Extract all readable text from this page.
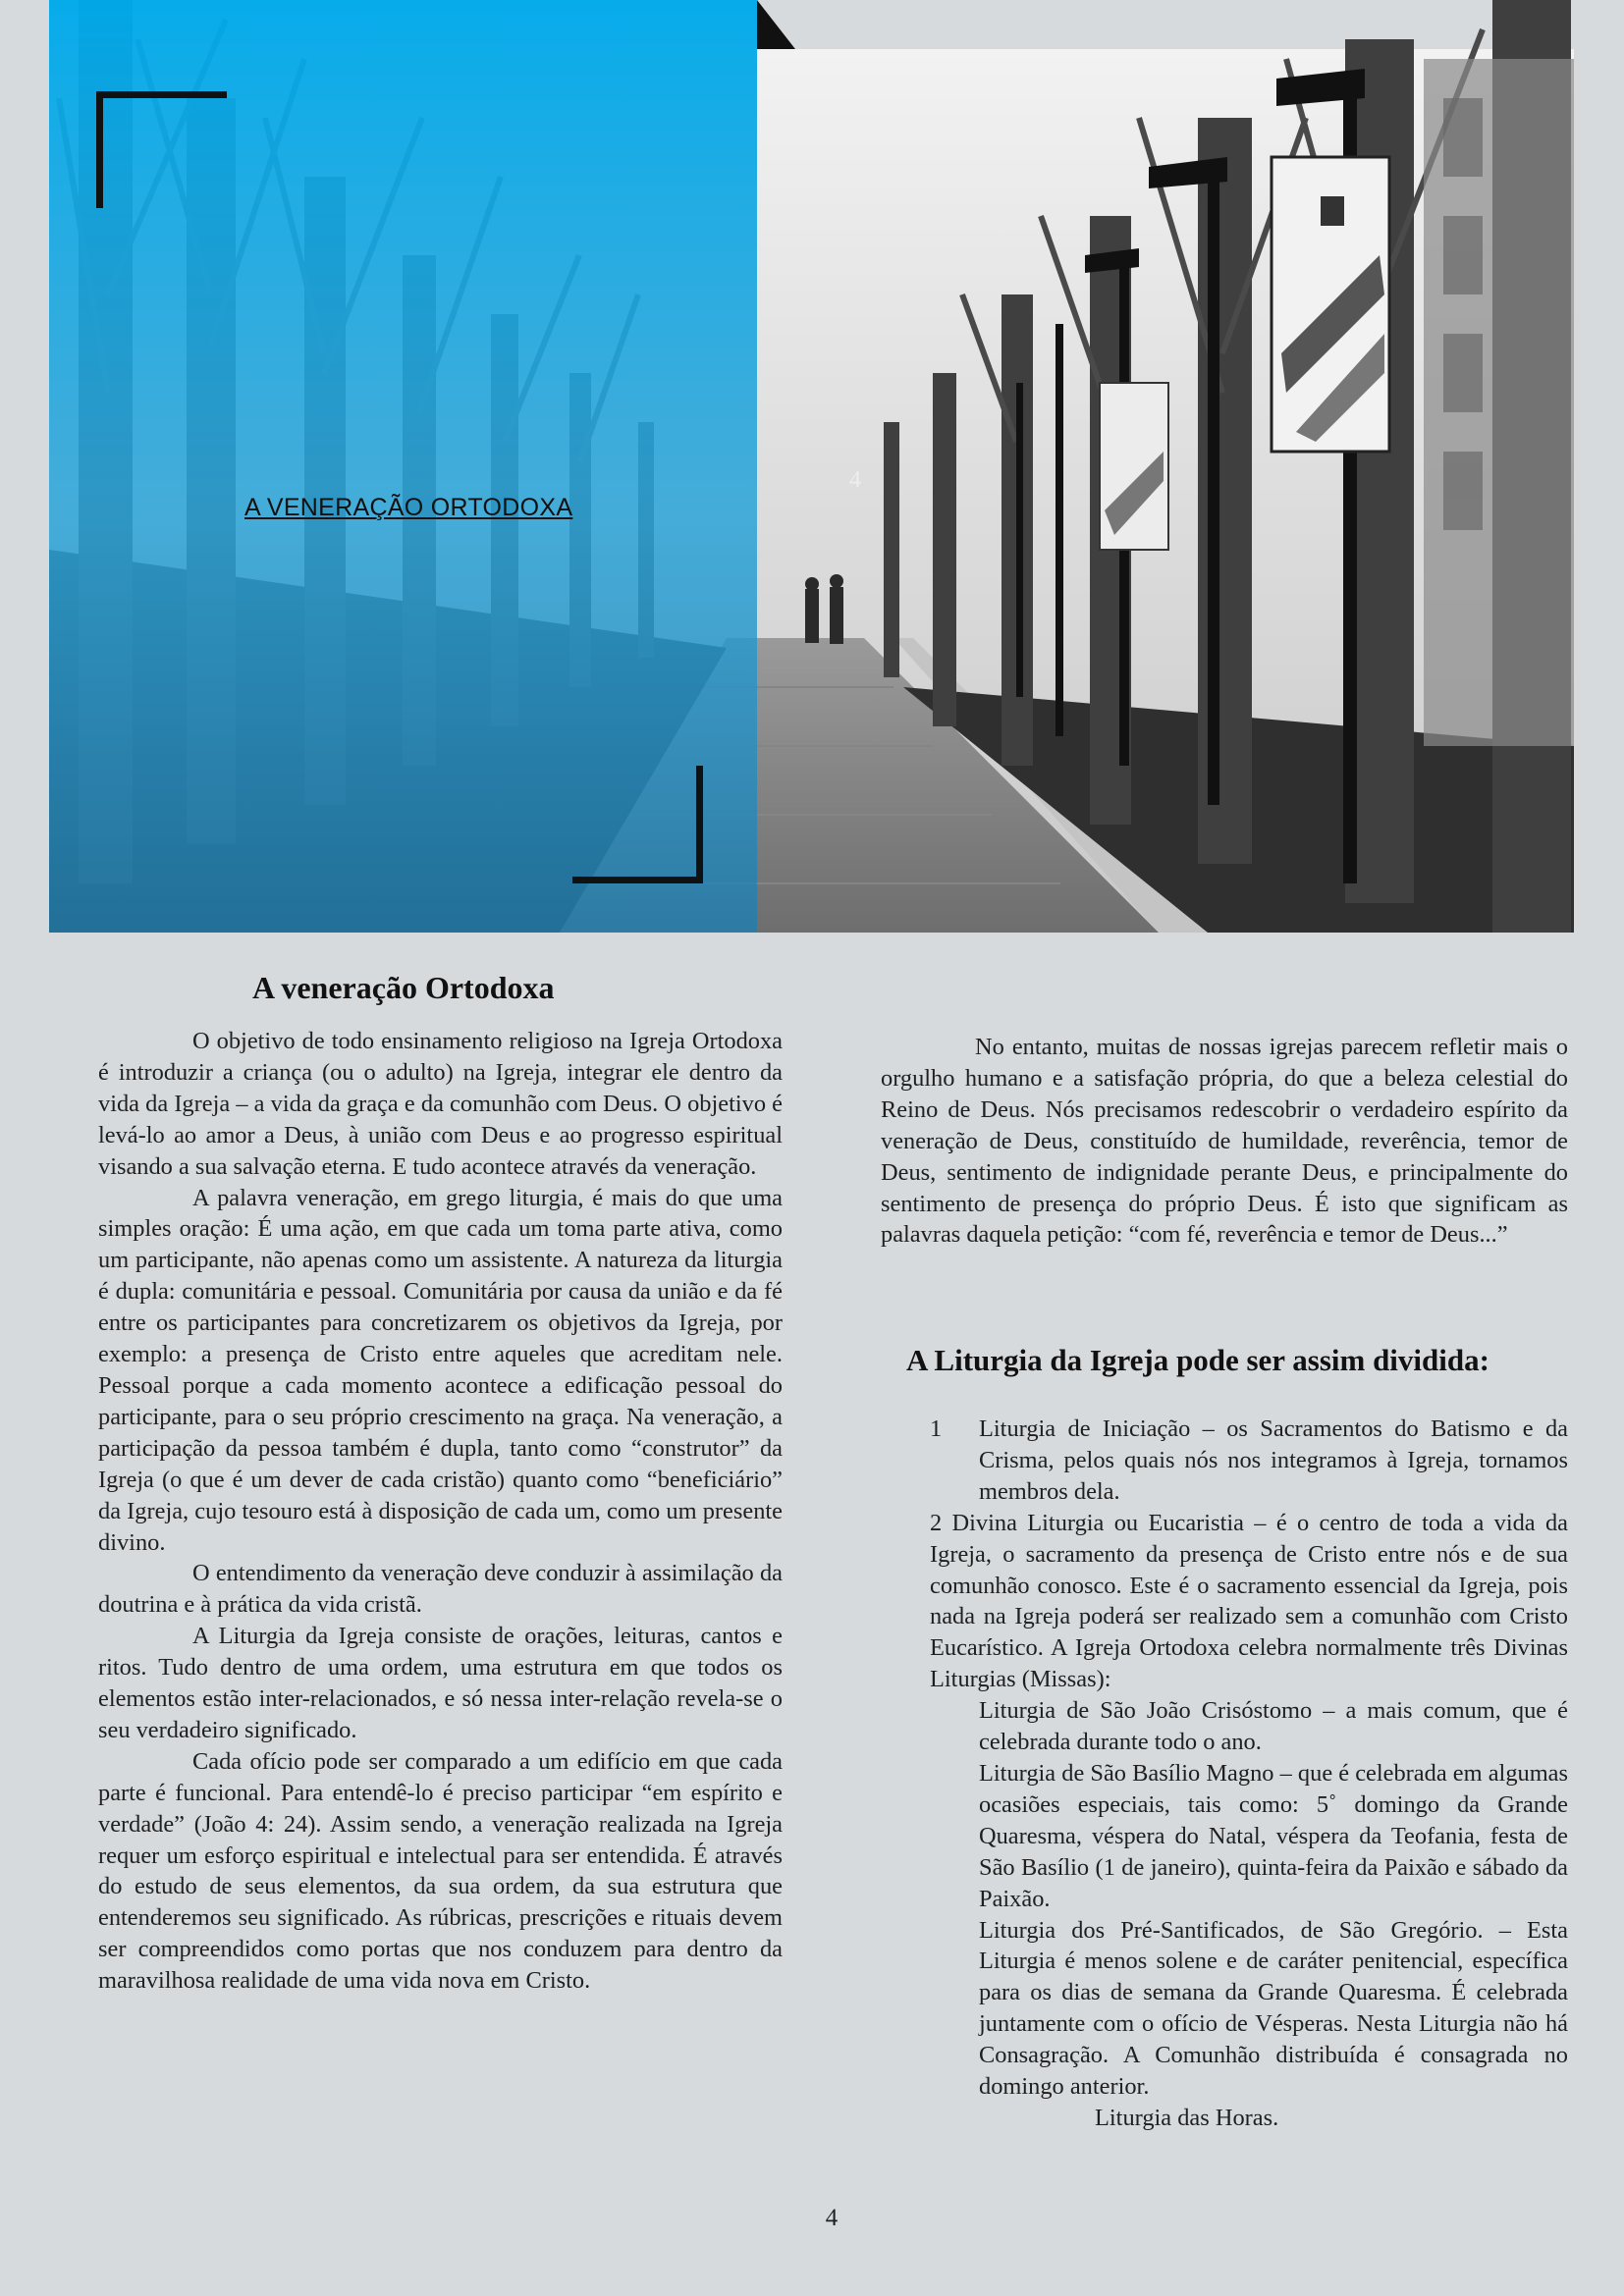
A VENERAÇÃO ORTODOXA
4
A veneração Ortodoxa

O objetivo de todo ensinamento religioso na Igreja Ortodoxa é introduzir a criança (ou o adulto) na Igreja, integrar ele dentro da vida da Igreja – a vida da graça e da comunhão com Deus. O objetivo é levá-lo ao amor a Deus, à união com Deus e ao progresso espiritual visando a sua salvação eterna. E tudo acontece através da veneração.

A palavra veneração, em grego liturgia, é mais do que uma simples oração: É uma ação, em que cada um toma parte ativa, como um participante, não apenas como um assistente. A natureza da liturgia é dupla: comunitária e pessoal. Comunitária por causa da união e da fé entre os participantes para concretizarem os objetivos da Igreja, por exemplo: a presença de Cristo entre aqueles que acreditam nele. Pessoal porque a cada momento acontece a edificação pessoal do participante, para o seu próprio crescimento na graça. Na veneração, a participação da pessoa também é dupla, tanto como “construtor” da Igreja (o que é um dever de cada cristão) quanto como “beneficiário” da Igreja, cujo tesouro está à disposição de cada um, como um presente divino.

O entendimento da veneração deve conduzir à assimilação da doutrina e à prática da vida cristã.

A Liturgia da Igreja consiste de orações, leituras, cantos e ritos. Tudo dentro de uma ordem, uma estrutura em que todos os elementos estão inter-relacionados, e só nessa inter-relação revela-se o seu verdadeiro significado.

Cada ofício pode ser comparado a um edifício em que cada parte é funcional. Para entendê-lo é preciso participar “em espírito e verdade” (João 4: 24). Assim sendo, a veneração realizada na Igreja requer um esforço espiritual e intelectual para ser entendida. É através do estudo de seus elementos, da sua ordem, da sua estrutura que entenderemos seu significado. As rúbricas, prescrições e rituais devem ser compreendidos como portas que nos conduzem para dentro da maravilhosa realidade de uma vida nova em Cristo.

No entanto, muitas de nossas igrejas parecem refletir mais o orgulho humano e a satisfação própria, do que a beleza celestial do Reino de Deus. Nós precisamos redescobrir o verdadeiro espírito da veneração de Deus, constituído de humildade, reverência, temor de Deus, sentimento de indignidade perante Deus, e principalmente do sentimento de presença do próprio Deus. É isto que significam as palavras daquela petição: “com fé, reverência e temor de Deus...”

A Liturgia da Igreja pode ser assim dividida:
1 Liturgia de Iniciação – os Sacramentos do Batismo e da Crisma, pelos quais nós nos integramos à Igreja, tornamos membros dela.
2 Divina Liturgia ou Eucaristia – é o centro de toda a vida da Igreja, o sacramento da presença de Cristo entre nós e de sua comunhão conosco. Este é o sacramento essencial da Igreja, pois nada na Igreja poderá ser realizado sem a comunhão com Cristo Eucarístico. A Igreja Ortodoxa celebra normalmente três Divinas Liturgias (Missas):
Liturgia de São João Crisóstomo – a mais comum, que é celebrada durante todo o ano.
Liturgia de São Basílio Magno – que é celebrada em algumas ocasiões especiais, tais como: 5˚ domingo da Grande Quaresma, véspera do Natal, véspera da Teofania, festa de São Basílio (1 de janeiro), quinta-feira da Paixão e sábado da Paixão.
Liturgia dos Pré-Santificados, de São Gregório. – Esta Liturgia é menos solene e de caráter penitencial, específica para os dias de semana da Grande Quaresma. É celebrada juntamente com o ofício de Vésperas. Nesta Liturgia não há Consagração. A Comunhão distribuída é consagrada no domingo anterior.
Liturgia das Horas.
4
